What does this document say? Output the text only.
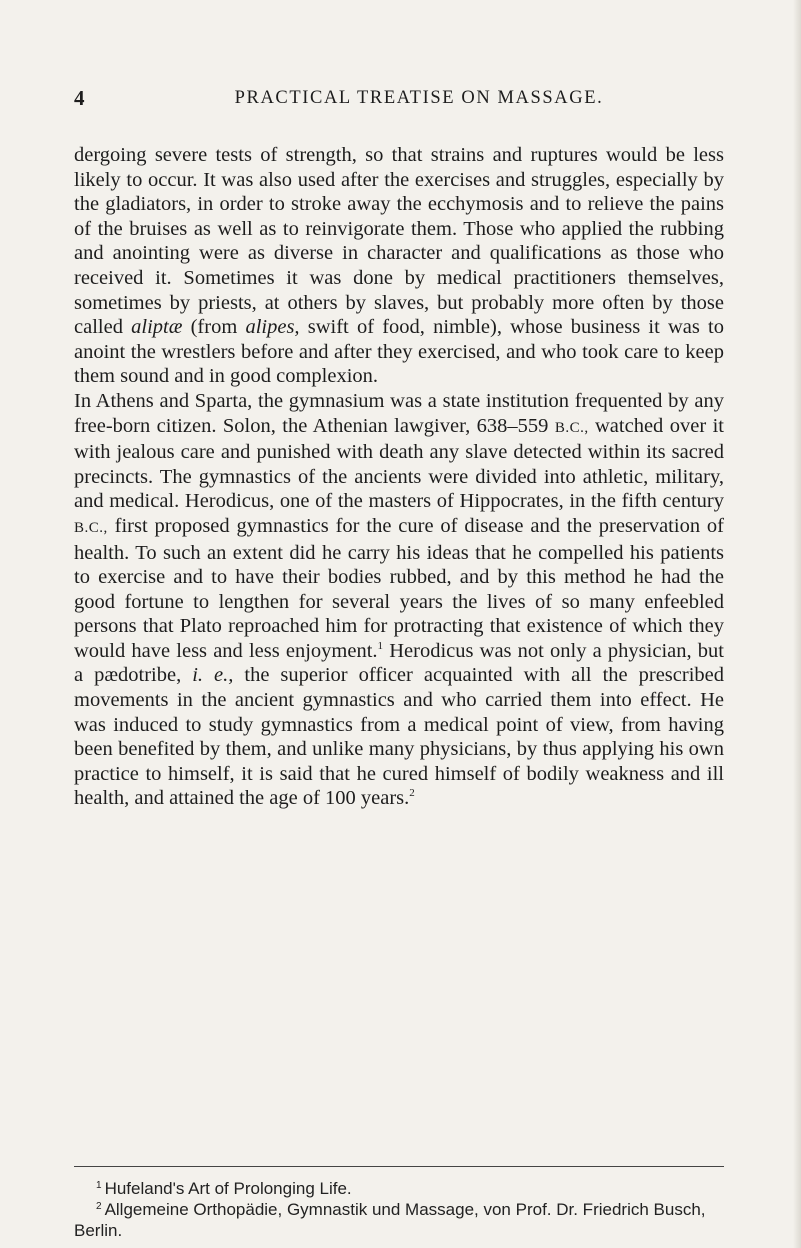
4	PRACTICAL TREATISE ON MASSAGE.

dergoing severe tests of strength, so that strains and ruptures would be less likely to occur. It was also used after the exercises and struggles, especially by the gladiators, in order to stroke away the ecchymosis and to relieve the pains of the bruises as well as to reinvigorate them. Those who applied the rubbing and anointing were as diverse in character and qualifications as those who received it. Sometimes it was done by medical practitioners themselves, sometimes by priests, at others by slaves, but probably more often by those called aliptæ (from alipes, swift of food, nimble), whose business it was to anoint the wrestlers before and after they exercised, and who took care to keep them sound and in good complexion.

In Athens and Sparta, the gymnasium was a state institution frequented by any free-born citizen. Solon, the Athenian lawgiver, 638–559 B.C., watched over it with jealous care and punished with death any slave detected within its sacred precincts. The gymnastics of the ancients were divided into athletic, military, and medical. Herodicus, one of the masters of Hippocrates, in the fifth century B.C., first proposed gymnastics for the cure of disease and the preservation of health. To such an extent did he carry his ideas that he compelled his patients to exercise and to have their bodies rubbed, and by this method he had the good fortune to lengthen for several years the lives of so many enfeebled persons that Plato reproached him for protracting that existence of which they would have less and less enjoyment.$^1$ Herodicus was not only a physician, but a pædotribe, i. e., the superior officer acquainted with all the prescribed movements in the ancient gymnastics and who carried them into effect. He was induced to study gymnastics from a medical point of view, from having been benefited by them, and unlike many physicians, by thus applying his own practice to himself, it is said that he cured himself of bodily weakness and ill health, and attained the age of 100 years.$^2$

$^1$ Hufeland's Art of Prolonging Life.

$^2$ Allgemeine Orthopädie, Gymnastik und Massage, von Prof. Dr. Friedrich Busch, Berlin.
